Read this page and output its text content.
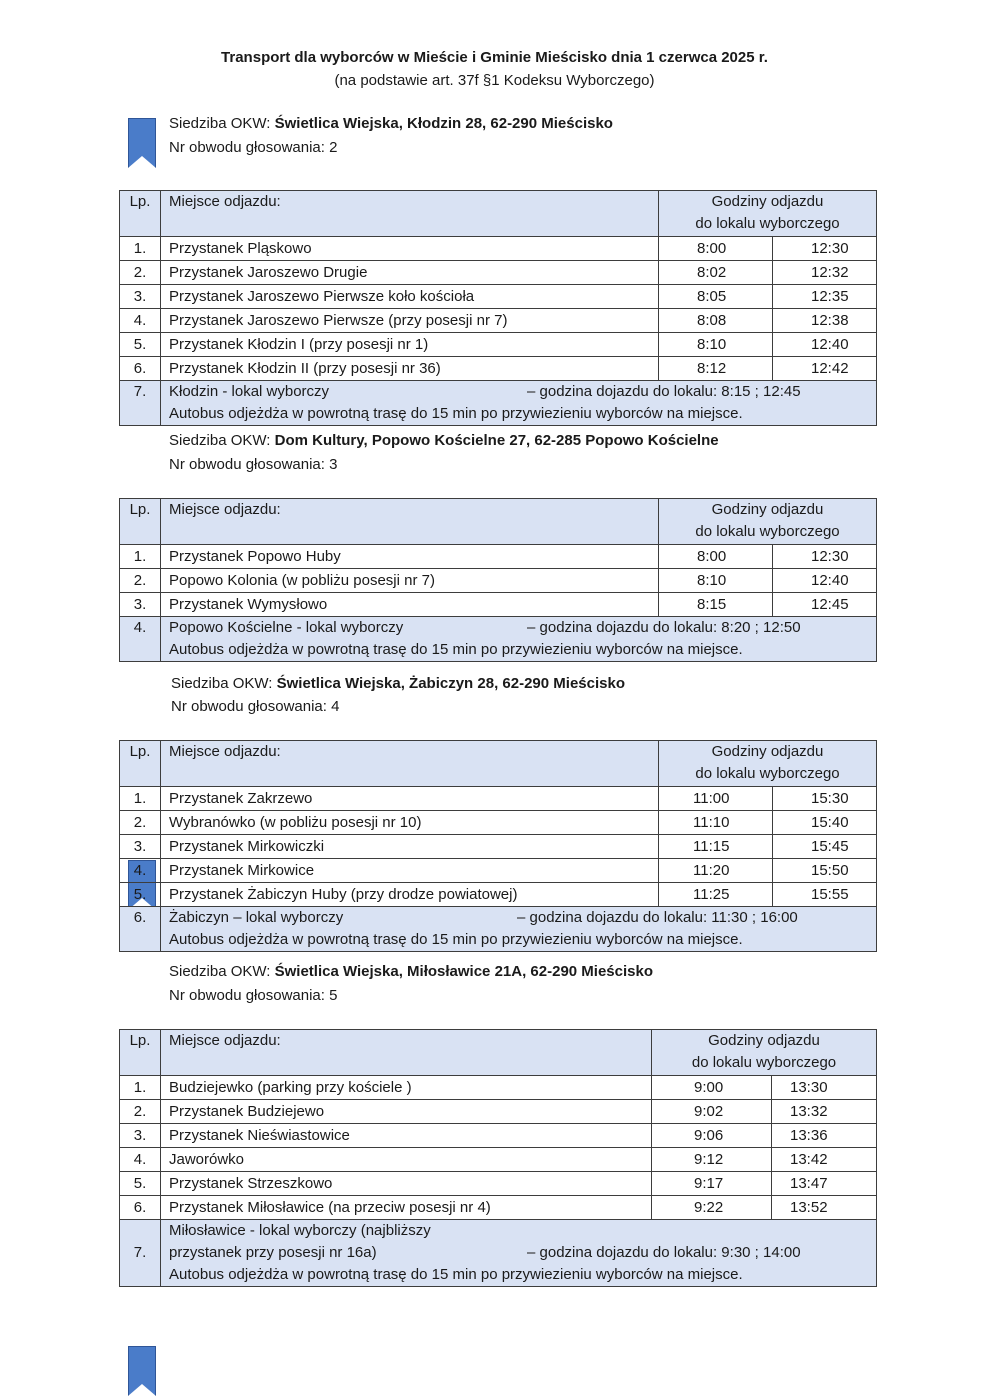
Transport dla wyborców w Mieście i Gminie Mieścisko dnia 1 czerwca 2025 r.
(na podstawie art. 37f §1 Kodeksu Wyborczego)
Siedziba OKW: Świetlica Wiejska, Kłodzin 28, 62-290 Mieścisko
Nr obwodu głosowania: 2
Lp.	Miejsce odjazdu:	Godziny odjazdu
do lokalu wyborczego	

1.	Przystanek Pląskowo	8:00	12:30
2.	Przystanek Jaroszewo Drugie	8:02	12:32
3.	Przystanek Jaroszewo Pierwsze koło kościoła	8:05	12:35
4.	Przystanek Jaroszewo Pierwsze (przy posesji nr 7)	8:08	12:38
5.	Przystanek Kłodzin I (przy posesji nr 1)	8:10	12:40
6.	Przystanek Kłodzin II (przy posesji nr 36)	8:12	12:42
7.	Kłodzin - lokal wyborczy – godzina dojazdu do lokalu: 8:15 ; 12:45
Autobus odjeżdża w powrotną trasę do 15 min po przywiezieniu wyborców na miejsce.		
Siedziba OKW: Dom Kultury, Popowo Kościelne 27, 62-285 Popowo Kościelne
Nr obwodu głosowania: 3
Lp.	Miejsce odjazdu:	Godziny odjazdu
do lokalu wyborczego	

1.	Przystanek Popowo Huby	8:00	12:30
2.	Popowo Kolonia (w pobliżu posesji nr 7)	8:10	12:40
3.	Przystanek Wymysłowo	8:15	12:45
4.	Popowo Kościelne - lokal wyborczy – godzina dojazdu do lokalu: 8:20 ; 12:50
Autobus odjeżdża w powrotną trasę do 15 min po przywiezieniu wyborców na miejsce.		
Siedziba OKW: Świetlica Wiejska, Żabiczyn 28, 62-290 Mieścisko
Nr obwodu głosowania: 4
Lp.	Miejsce odjazdu:	Godziny odjazdu
do lokalu wyborczego	

1.	Przystanek Zakrzewo	11:00	15:30
2.	Wybranówko (w pobliżu posesji nr 10)	11:10	15:40
3.	Przystanek Mirkowiczki	11:15	15:45
4.	Przystanek Mirkowice	11:20	15:50
5.	Przystanek Żabiczyn Huby (przy drodze powiatowej)	11:25	15:55
6.	Żabiczyn – lokal wyborczy – godzina dojazdu do lokalu: 11:30 ; 16:00
Autobus odjeżdża w powrotną trasę do 15 min po przywiezieniu wyborców na miejsce.		
Siedziba OKW: Świetlica Wiejska, Miłosławice 21A, 62-290 Mieścisko
Nr obwodu głosowania: 5
Lp.	Miejsce odjazdu:	Godziny odjazdu
do lokalu wyborczego	

1.	Budziejewko (parking przy kościele )	9:00	13:30
2.	Przystanek Budziejewo	9:02	13:32
3.	Przystanek Nieświastowice	9:06	13:36
4.	Jaworówko	9:12	13:42
5.	Przystanek Strzeszkowo	9:17	13:47
6.	Przystanek Miłosławice (na przeciw posesji nr 4)	9:22	13:52
7.	Miłosławice - lokal wyborczy (najbliższy
przystanek przy posesji nr 16a) – godzina dojazdu do lokalu: 9:30 ; 14:00
Autobus odjeżdża w powrotną trasę do 15 min po przywiezieniu wyborców na miejsce.		
